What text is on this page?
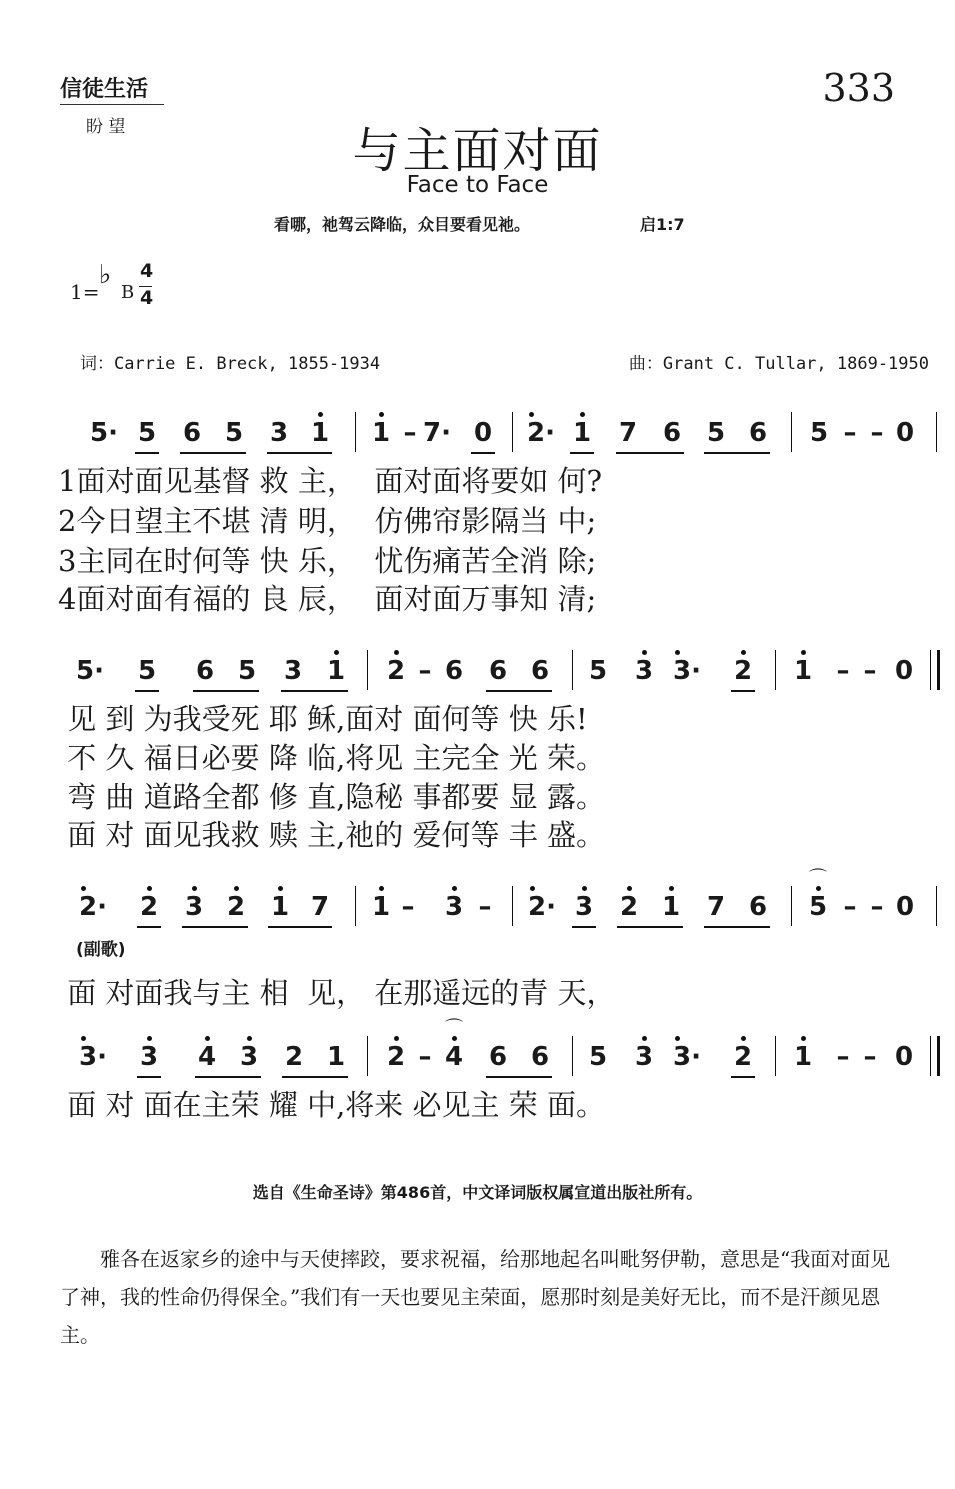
信徒生活
盼 望
333
与主面对面
Face to Face
看哪，祂驾云降临，众目要看见祂。	启1:7
1=
♭
B
4
4
词：Carrie E. Breck, 1855-1934	曲：Grant C. Tullar, 1869-1950
5· 5 6 5 3 1 1 – 7· 0 2· 1 7 6 5 6 5 – – 0
1面对面见基督 救 主，  面对面将要如 何?
2今日望主不堪 清 明，  仿佛帘影隔当 中;
3主同在时何等 快 乐，  忧伤痛苦全消 除;
4面对面有福的 良 辰，  面对面万事知 清;
5· 5 6 5 3 1 2 – 6 6 6 5 3 3· 2 1 – – 0
见 到 为我受死 耶 稣,面对 面何等 快 乐!
不 久 福日必要 降 临,将见 主完全 光 荣。
弯 曲 道路全都 修 直,隐秘 事都要 显 露。
面 对 面见我救 赎 主,祂的 爱何等 丰 盛。
2· 2 3 2 1 7 1 – 3 – 2· 3 2 1 7 6 5
⌒
– – 0
(副歌)
面 对面我与主 相  见， 在那遥远的青 天，
3· 3 4 3 2 1 2 – 4
⌒
6 6 5 3 3· 2 1 – – 0
面 对 面在主荣 耀 中,将来 必见主 荣 面。
选自《生命圣诗》第486首，中文译词版权属宣道出版社所有。

雅各在返家乡的途中与天使摔跤，要求祝福，给那地起名叫毗努伊勒，意思是“我面对面见了神，我的性命仍得保全。”我们有一天也要见主荣面，愿那时刻是美好无比，而不是汗颜见恩主。
